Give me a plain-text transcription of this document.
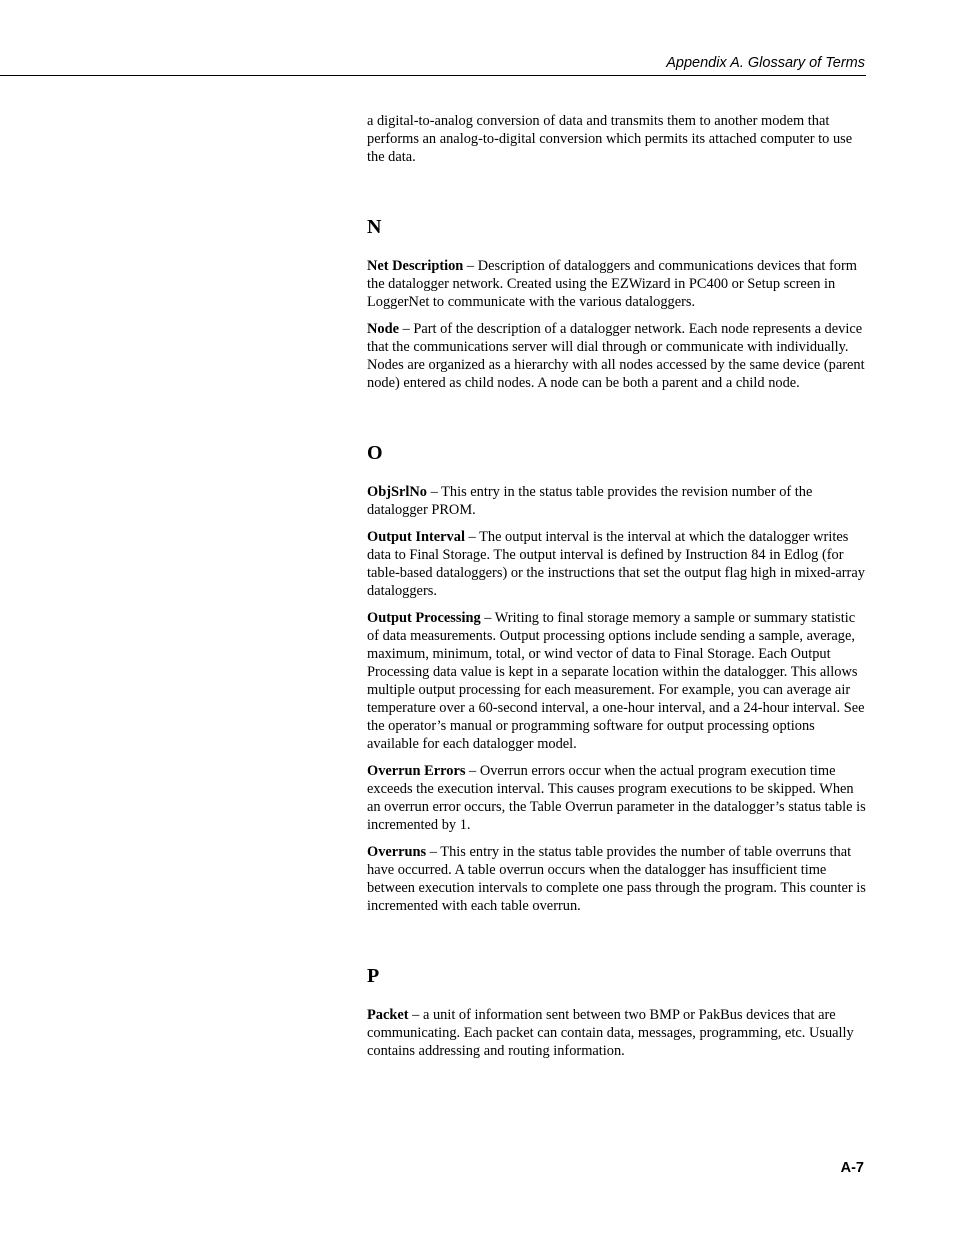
Appendix A. Glossary of Terms

a digital-to-analog conversion of data and transmits them to another modem that performs an analog-to-digital conversion which permits its attached computer to use the data.

N

Net Description – Description of dataloggers and communications devices that form the datalogger network. Created using the EZWizard in PC400 or Setup screen in LoggerNet to communicate with the various dataloggers.

Node – Part of the description of a datalogger network. Each node represents a device that the communications server will dial through or communicate with individually. Nodes are organized as a hierarchy with all nodes accessed by the same device (parent node) entered as child nodes. A node can be both a parent and a child node.

O

ObjSrlNo – This entry in the status table provides the revision number of the datalogger PROM.

Output Interval – The output interval is the interval at which the datalogger writes data to Final Storage. The output interval is defined by Instruction 84 in Edlog (for table-based dataloggers) or the instructions that set the output flag high in mixed-array dataloggers.

Output Processing – Writing to final storage memory a sample or summary statistic of data measurements. Output processing options include sending a sample, average, maximum, minimum, total, or wind vector of data to Final Storage. Each Output Processing data value is kept in a separate location within the datalogger. This allows multiple output processing for each measurement. For example, you can average air temperature over a 60-second interval, a one-hour interval, and a 24-hour interval. See the operator’s manual or programming software for output processing options available for each datalogger model.

Overrun Errors – Overrun errors occur when the actual program execution time exceeds the execution interval. This causes program executions to be skipped. When an overrun error occurs, the Table Overrun parameter in the datalogger’s status table is incremented by 1.

Overruns – This entry in the status table provides the number of table overruns that have occurred. A table overrun occurs when the datalogger has insufficient time between execution intervals to complete one pass through the program. This counter is incremented with each table overrun.

P

Packet – a unit of information sent between two BMP or PakBus devices that are communicating. Each packet can contain data, messages, programming, etc. Usually contains addressing and routing information.

A-7
